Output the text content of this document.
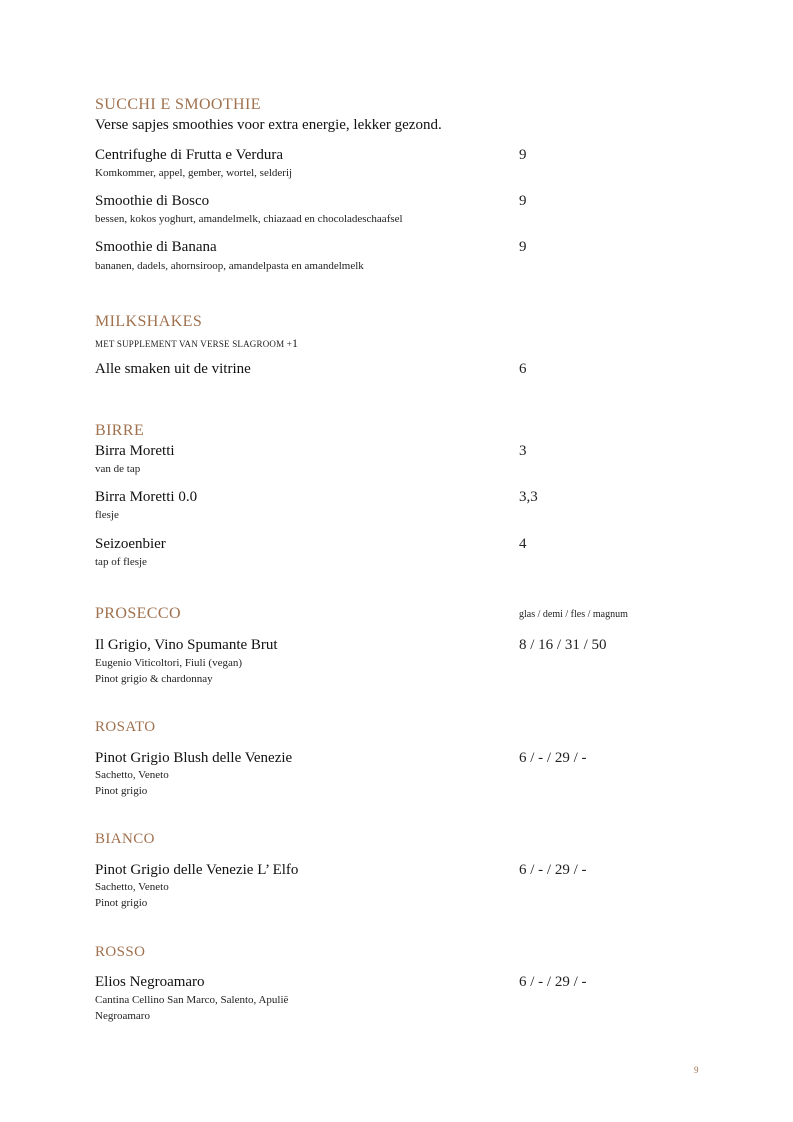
SUCCHI E SMOOTHIE
Verse sapjes smoothies voor extra energie, lekker gezond.
Centrifughe di Frutta e Verdura	9
Komkommer, appel, gember, wortel, selderij
Smoothie di Bosco	9
bessen, kokos yoghurt, amandelmelk, chiazaad en chocoladeschaafsel
Smoothie di Banana	9
bananen, dadels, ahornsiroop, amandelpasta en amandelmelk
MILKSHAKES
MET SUPPLEMENT VAN VERSE SLAGROOM +1
Alle smaken uit de vitrine	6
BIRRE
Birra Moretti	3
van de tap
Birra Moretti 0.0	3,3
flesje
Seizoenbier	4
tap of flesje
PROSECCO	glas / demi / fles / magnum
Il Grigio, Vino Spumante Brut	8 / 16 / 31 / 50
Eugenio Viticoltori, Fiuli (vegan)
Pinot grigio & chardonnay
ROSATO
Pinot Grigio Blush delle Venezie	6 / - / 29 / -
Sachetto, Veneto
Pinot grigio
BIANCO
Pinot Grigio delle Venezie L’ Elfo	6 / - / 29 / -
Sachetto, Veneto
Pinot grigio
ROSSO
Elios Negroamaro	6 / - / 29 / -
Cantina Cellino San Marco, Salento, Apulië
Negroamaro
9
